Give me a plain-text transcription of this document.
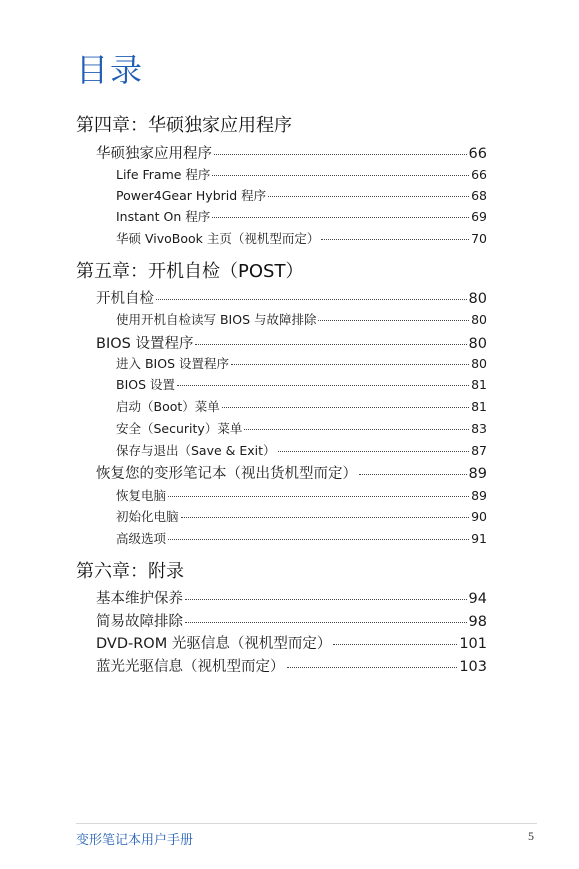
目录
第四章：华硕独家应用程序
华硕独家应用程序	66
Life Frame 程序	66
Power4Gear Hybrid 程序	68
Instant On 程序	69
华硕 VivoBook 主页（视机型而定）	70
第五章：开机自检（POST）
开机自检	80
使用开机自检读写 BIOS 与故障排除	80
BIOS 设置程序	80
进入 BIOS 设置程序	80
BIOS 设置	81
启动（Boot）菜单	81
安全（Security）菜单	83
保存与退出（Save & Exit）	87
恢复您的变形笔记本（视出货机型而定）	89
恢复电脑	89
初始化电脑	90
高级选项	91
第六章：附录
基本维护保养	94
简易故障排除	98
DVD-ROM 光驱信息（视机型而定）	101
蓝光光驱信息（视机型而定）	103
变形笔记本用户手册	5
